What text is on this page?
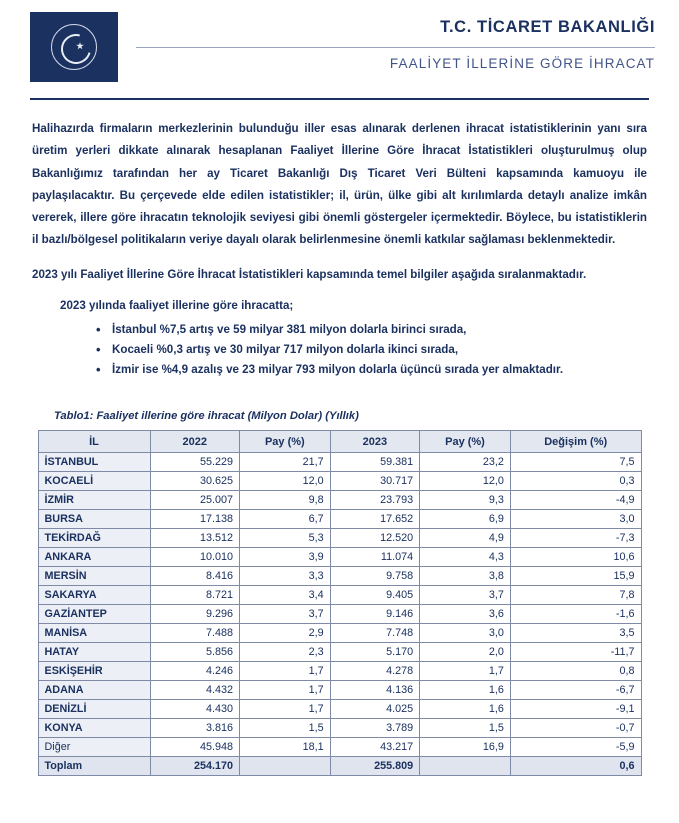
T.C. TİCARET BAKANLIĞI
FAALİYET İLLERİNE GÖRE İHRACAT

Halihazırda firmaların merkezlerinin bulunduğu iller esas alınarak derlenen ihracat istatistiklerinin yanı sıra üretim yerleri dikkate alınarak hesaplanan Faaliyet İllerine Göre İhracat İstatistikleri oluşturulmuş olup Bakanlığımız tarafından her ay Ticaret Bakanlığı Dış Ticaret Veri Bülteni kapsamında kamuoyu ile paylaşılacaktır. Bu çerçevede elde edilen istatistikler; il, ürün, ülke gibi alt kırılımlarda detaylı analize imkân vererek, illere göre ihracatın teknolojik seviyesi gibi önemli göstergeler içermektedir. Böylece, bu istatistiklerin il bazlı/bölgesel politikaların veriye dayalı olarak belirlenmesine önemli katkılar sağlaması beklenmektedir.

2023 yılı Faaliyet İllerine Göre İhracat İstatistikleri kapsamında temel bilgiler aşağıda sıralanmaktadır.

2023 yılında faaliyet illerine göre ihracatta;
• İstanbul %7,5 artış ve 59 milyar 381 milyon dolarla birinci sırada,
• Kocaeli %0,3 artış ve 30 milyar 717 milyon dolarla ikinci sırada,
• İzmir ise %4,9 azalış ve 23 milyar 793 milyon dolarla üçüncü sırada yer almaktadır.
Tablo1: Faaliyet illerine göre ihracat (Milyon Dolar) (Yıllık)
İL	2022	Pay (%)	2023	Pay (%)	Değişim (%)
İSTANBUL	55.229	21,7	59.381	23,2	7,5
KOCAELİ	30.625	12,0	30.717	12,0	0,3
İZMİR	25.007	9,8	23.793	9,3	-4,9
BURSA	17.138	6,7	17.652	6,9	3,0
TEKİRDAĞ	13.512	5,3	12.520	4,9	-7,3
ANKARA	10.010	3,9	11.074	4,3	10,6
MERSİN	8.416	3,3	9.758	3,8	15,9
SAKARYA	8.721	3,4	9.405	3,7	7,8
GAZİANTEP	9.296	3,7	9.146	3,6	-1,6
MANİSA	7.488	2,9	7.748	3,0	3,5
HATAY	5.856	2,3	5.170	2,0	-11,7
ESKİŞEHİR	4.246	1,7	4.278	1,7	0,8
ADANA	4.432	1,7	4.136	1,6	-6,7
DENİZLİ	4.430	1,7	4.025	1,6	-9,1
KONYA	3.816	1,5	3.789	1,5	-0,7
Diğer	45.948	18,1	43.217	16,9	-5,9
Toplam	254.170		255.809		0,6
